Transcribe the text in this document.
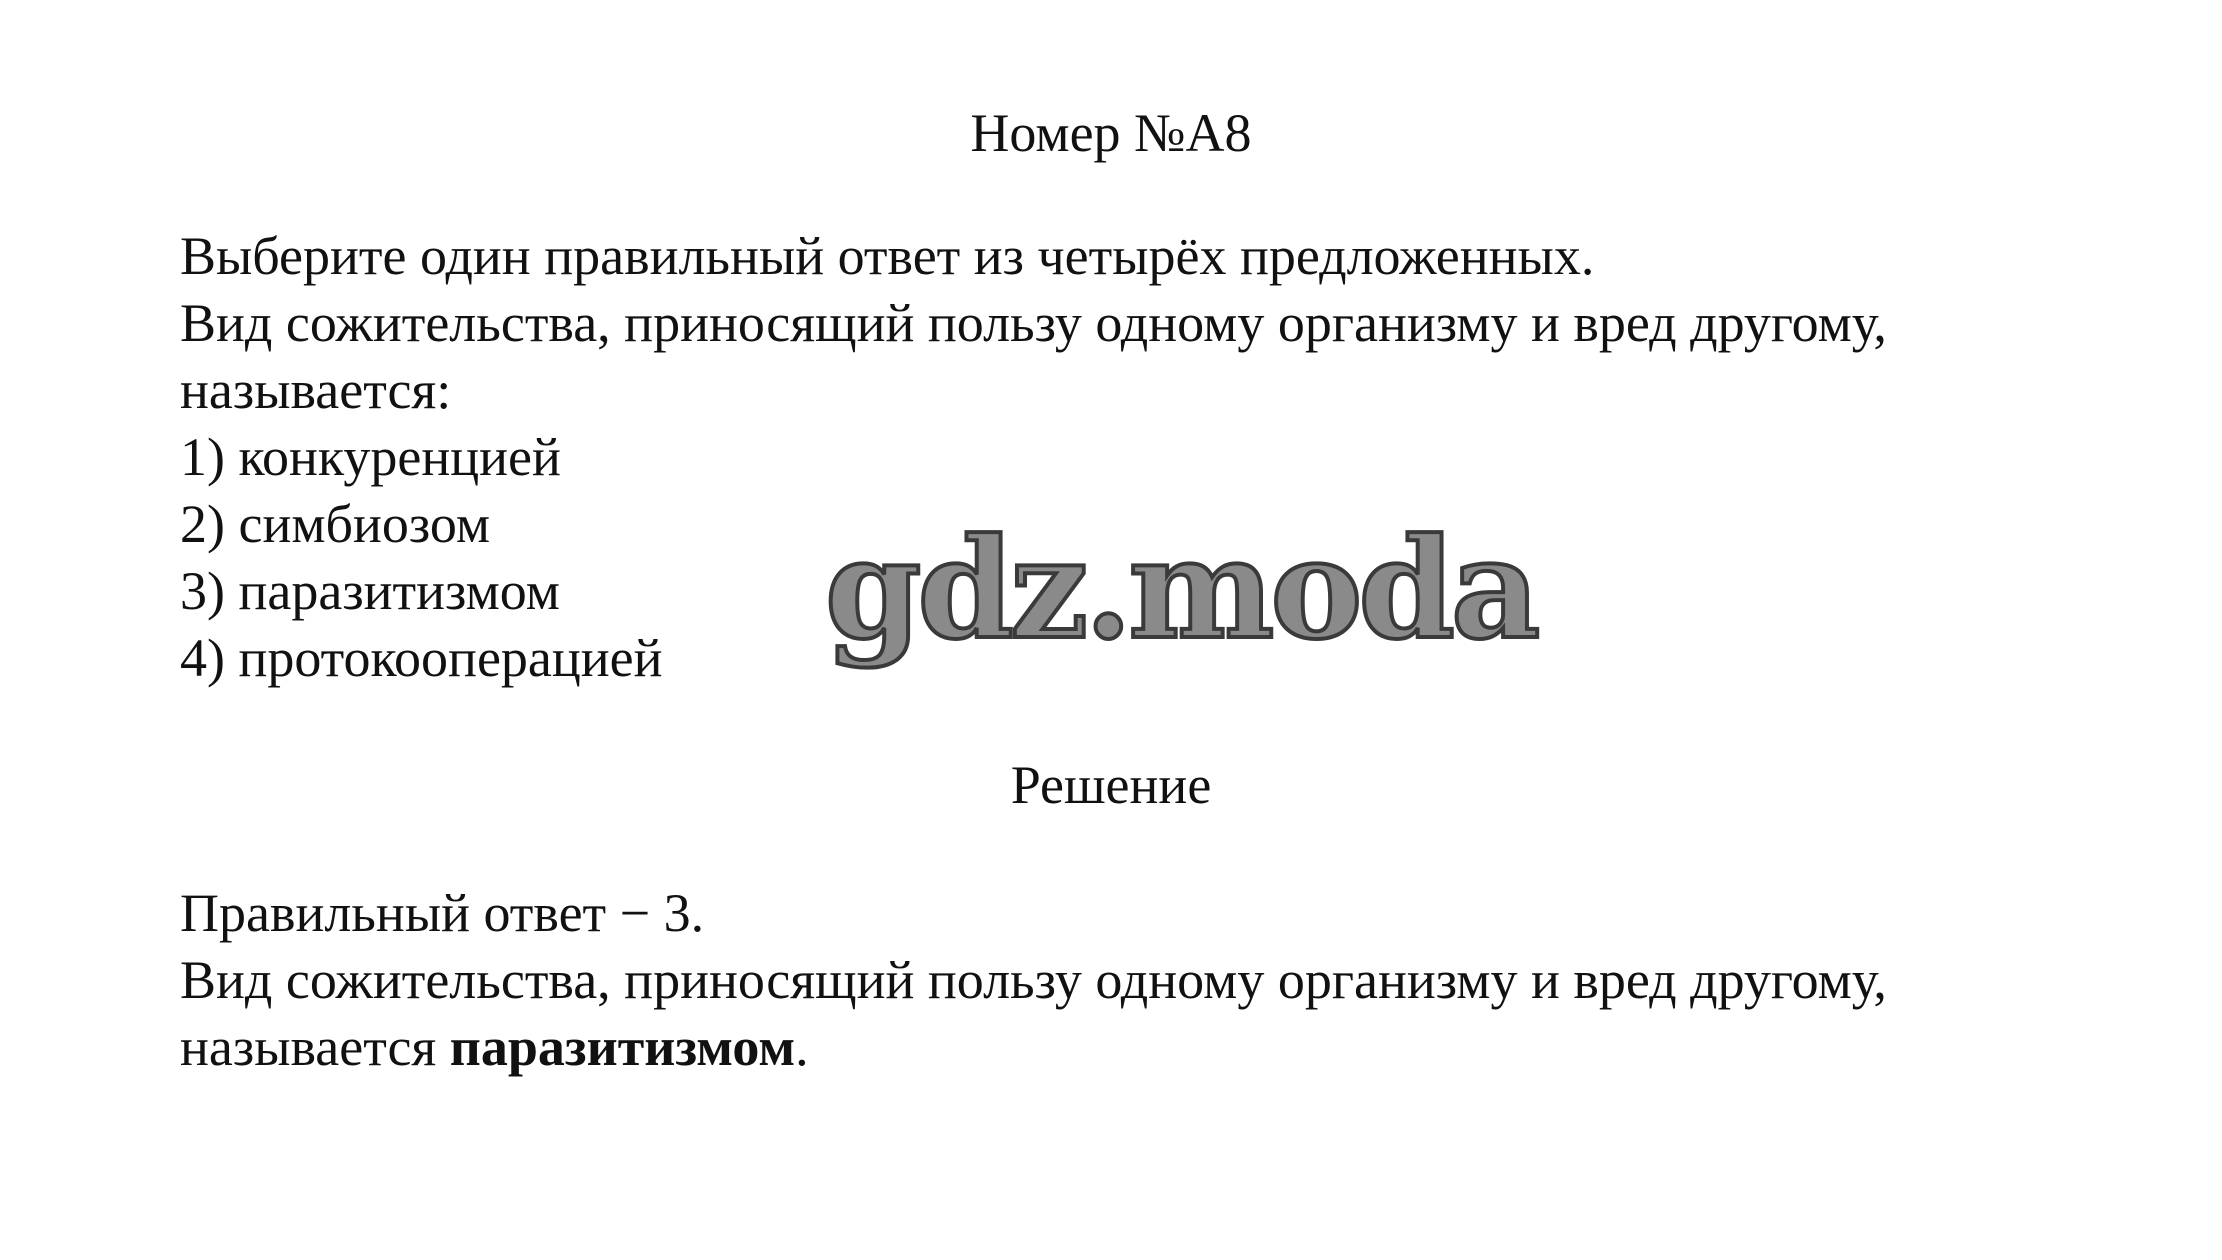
Номер №A8
Выберите один правильный ответ из четырёх предложенных.
Вид сожительства, приносящий пользу одному организму и вред другому,
называется:
1) конкуренцией
2) симбиозом
3) паразитизмом
4) протокооперацией	gdz.moda
Решение
Правильный ответ − 3.
Вид сожительства, приносящий пользу одному организму и вред другому,
называется паразитизмом.
